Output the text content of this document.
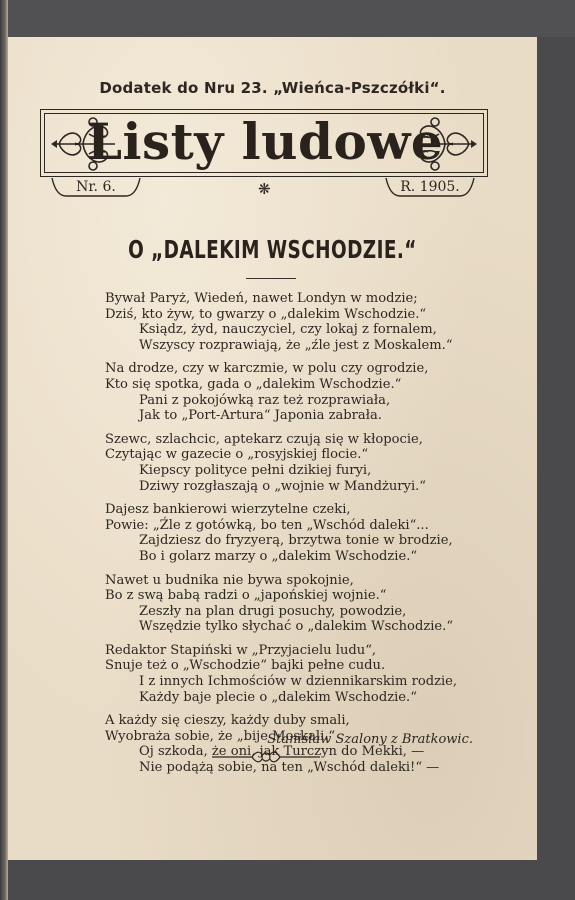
Dodatek do Nru 23. „Wieńca-Pszczółki“.
Listy ludowe
Nr. 6.	❋	R. 1905.
O „DALEKIM WSCHODZIE.“
Bywał Paryż, Wiedeń, nawet Londyn w modzie;
Dziś, kto żyw, to gwarzy o „dalekim Wschodzie.“
Ksiądz, żyd, nauczyciel, czy lokaj z fornalem,
Wszyscy rozprawiają, że „źle jest z Moskalem.“
Na drodze, czy w karczmie, w polu czy ogrodzie,
Kto się spotka, gada o „dalekim Wschodzie.“
Pani z pokojówką raz też rozprawiała,
Jak to „Port-Artura“ Japonia zabrała.
Szewc, szlachcic, aptekarz czują się w kłopocie,
Czytając w gazecie o „rosyjskiej flocie.“
Kiepscy polityce pełni dzikiej furyi,
Dziwy rozgłaszają o „wojnie w Mandżuryi.“
Dajesz bankierowi wierzytelne czeki,
Powie: „Źle z gotówką, bo ten „Wschód daleki“...
Zajdziesz do fryzyerą, brzytwa tonie w brodzie,
Bo i golarz marzy o „dalekim Wschodzie.“
Nawet u budnika nie bywa spokojnie,
Bo z swą babą radzi o „japońskiej wojnie.“
Zeszły na plan drugi posuchy, powodzie,
Wszędzie tylko słychać o „dalekim Wschodzie.“
Redaktor Stapiński w „Przyjacielu ludu“,
Snuje też o „Wschodzie“ bajki pełne cudu.
I z innych Ichmościów w dziennikarskim rodzie,
Każdy baje plecie o „dalekim Wschodzie.“
A każdy się cieszy, każdy duby smali,
Wyobraża sobie, że „bije Moskali.“
Oj szkoda, że oni, jak Turczyn do Mekki, —
Nie podążą sobie, na ten „Wschód daleki!“ —
Stanisław Szalony z Bratkowic.
